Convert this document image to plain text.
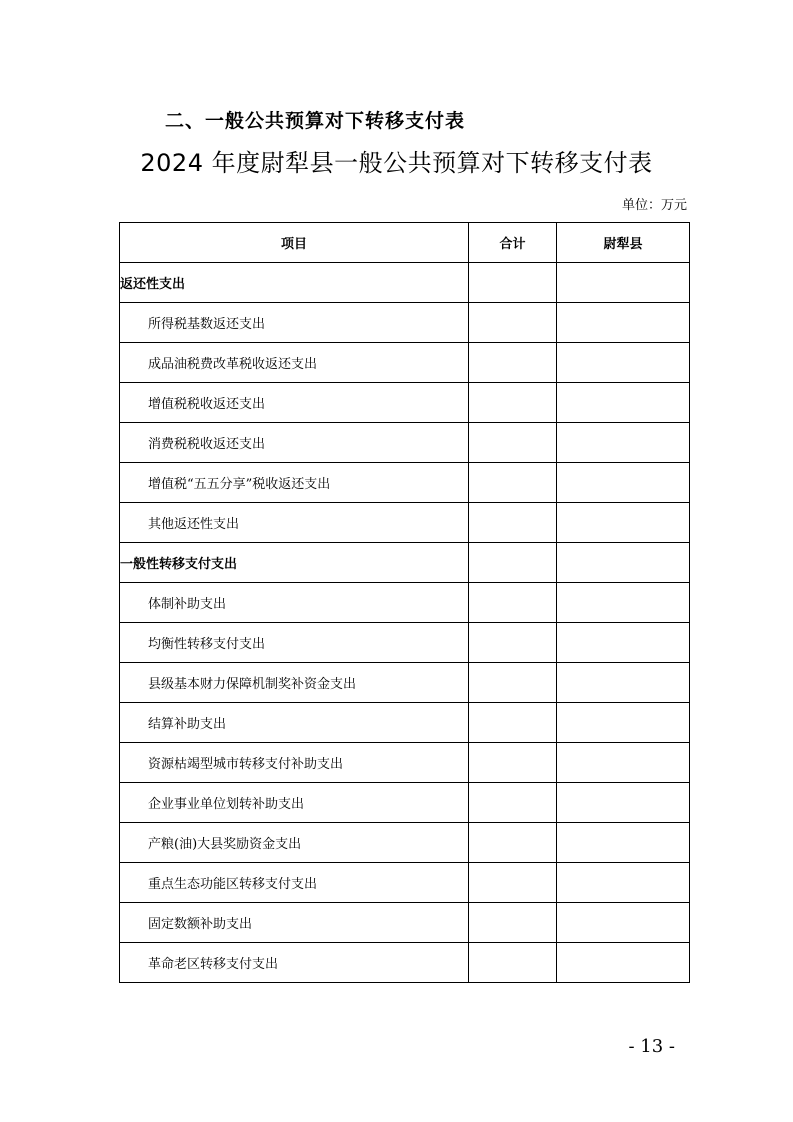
二、一般公共预算对下转移支付表
2024 年度尉犁县一般公共预算对下转移支付表
单位：万元
项目	合计	尉犁县
返还性支出		
所得税基数返还支出		
成品油税费改革税收返还支出		
增值税税收返还支出		
消费税税收返还支出		
增值税“五五分享”税收返还支出		
其他返还性支出		
一般性转移支付支出		
体制补助支出		
均衡性转移支付支出		
县级基本财力保障机制奖补资金支出		
结算补助支出		
资源枯竭型城市转移支付补助支出		
企业事业单位划转补助支出		
产粮(油)大县奖励资金支出		
重点生态功能区转移支付支出		
固定数额补助支出		
革命老区转移支付支出		
- 13 -
